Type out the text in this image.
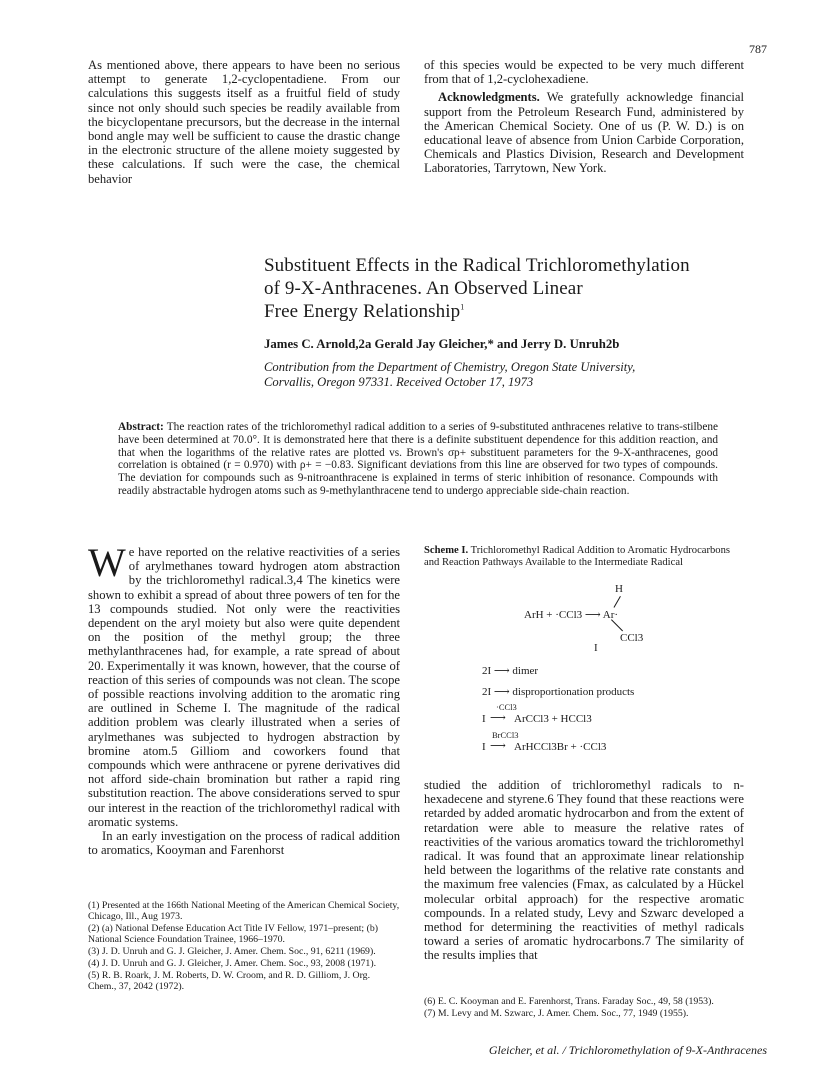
787

As mentioned above, there appears to have been no serious attempt to generate 1,2-cyclopentadiene. From our calculations this suggests itself as a fruitful field of study since not only should such species be readily available from the bicyclopentane precursors, but the decrease in the internal bond angle may well be sufficient to cause the drastic change in the electronic structure of the allene moiety suggested by these calculations. If such were the case, the chemical behavior

of this species would be expected to be very much different from that of 1,2-cyclohexadiene.

Acknowledgments. We gratefully acknowledge financial support from the Petroleum Research Fund, administered by the American Chemical Society. One of us (P. W. D.) is on educational leave of absence from Union Carbide Corporation, Chemicals and Plastics Division, Research and Development Laboratories, Tarrytown, New York.

Substituent Effects in the Radical Trichloromethylation
of 9-X-Anthracenes. An Observed Linear
Free Energy Relationship$^1$
James C. Arnold,2a Gerald Jay Gleicher,* and Jerry D. Unruh2b
Contribution from the Department of Chemistry, Oregon State University,
Corvallis, Oregon 97331. Received October 17, 1973
Abstract: The reaction rates of the trichloromethyl radical addition to a series of 9-substituted anthracenes relative to trans-stilbene have been determined at 70.0°. It is demonstrated here that there is a definite substituent dependence for this addition reaction, and that when the logarithms of the relative rates are plotted vs. Brown's σp+ substituent parameters for the 9-X-anthracenes, good correlation is obtained (r = 0.970) with ρ+ = −0.83. Significant deviations from this line are observed for two types of compounds. The deviation for compounds such as 9-nitroanthracene is explained in terms of steric inhibition of resonance. Compounds with readily abstractable hydrogen atoms such as 9-methylanthracene tend to undergo appreciable side-chain reaction.

We have reported on the relative reactivities of a series of arylmethanes toward hydrogen atom abstraction by the trichloromethyl radical.3,4 The kinetics were shown to exhibit a spread of about three powers of ten for the 13 compounds studied. Not only were the reactivities dependent on the aryl moiety but also were quite dependent on the position of the methyl group; the three methylanthracenes had, for example, a rate spread of about 20. Experimentally it was known, however, that the course of reaction of this series of compounds was not clean. The scope of possible reactions involving addition to the aromatic ring are outlined in Scheme I. The magnitude of the radical addition problem was clearly illustrated when a series of arylmethanes was subjected to hydrogen abstraction by bromine atom.5 Gilliom and coworkers found that compounds which were anthracene or pyrene derivatives did not afford side-chain bromination but rather a rapid ring substitution reaction. The above considerations served to spur our interest in the reaction of the trichloromethyl radical with aromatic systems.

In an early investigation on the process of radical addition to aromatics, Kooyman and Farenhorst

(1) Presented at the 166th National Meeting of the American Chemical Society, Chicago, Ill., Aug 1973.
(2) (a) National Defense Education Act Title IV Fellow, 1971–present; (b) National Science Foundation Trainee, 1966–1970.
(3) J. D. Unruh and G. J. Gleicher, J. Amer. Chem. Soc., 91, 6211 (1969).
(4) J. D. Unruh and G. J. Gleicher, J. Amer. Chem. Soc., 93, 2008 (1971).
(5) R. B. Roark, J. M. Roberts, D. W. Croom, and R. D. Gilliom, J. Org. Chem., 37, 2042 (1972).
Scheme I. Trichloromethyl Radical Addition to Aromatic Hydrocarbons and Reaction Pathways Available to the Intermediate Radical
H
ArH + ·CCl3 ⟶ Ar·
CCl3
I
2I ⟶ dimer
2I ⟶ disproportionation products
·CCl3
I ⟶ ArCCl3 + HCCl3
BrCCl3
I ⟶ ArHCCl3Br + ·CCl3

studied the addition of trichloromethyl radicals to n-hexadecene and styrene.6 They found that these reactions were retarded by added aromatic hydrocarbon and from the extent of retardation were able to measure the relative rates of reactivities of the various aromatics toward the trichloromethyl radical. It was found that an approximate linear relationship held between the logarithms of the relative rate constants and the maximum free valencies (Fmax, as calculated by a Hückel molecular orbital approach) for the respective aromatic compounds. In a related study, Levy and Szwarc developed a method for determining the reactivities of methyl radicals toward a series of aromatic hydrocarbons.7 The similarity of the results implies that

(6) E. C. Kooyman and E. Farenhorst, Trans. Faraday Soc., 49, 58 (1953).
(7) M. Levy and M. Szwarc, J. Amer. Chem. Soc., 77, 1949 (1955).
Gleicher, et al. / Trichloromethylation of 9-X-Anthracenes
